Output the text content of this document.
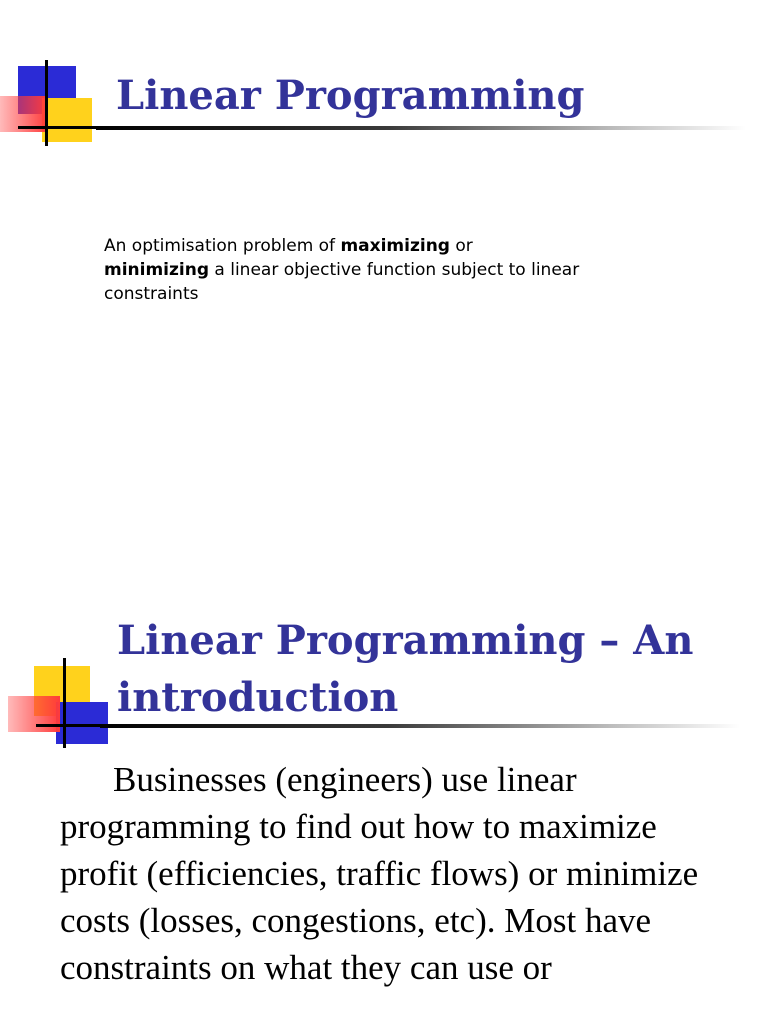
Linear Programming

An optimisation problem of maximizing or
minimizing a linear objective function subject to linear constraints

Linear Programming – An introduction

Businesses (engineers) use linear programming to find out how to maximize profit (efficiencies, traffic flows) or minimize costs (losses, congestions, etc). Most have constraints on what they can use or
